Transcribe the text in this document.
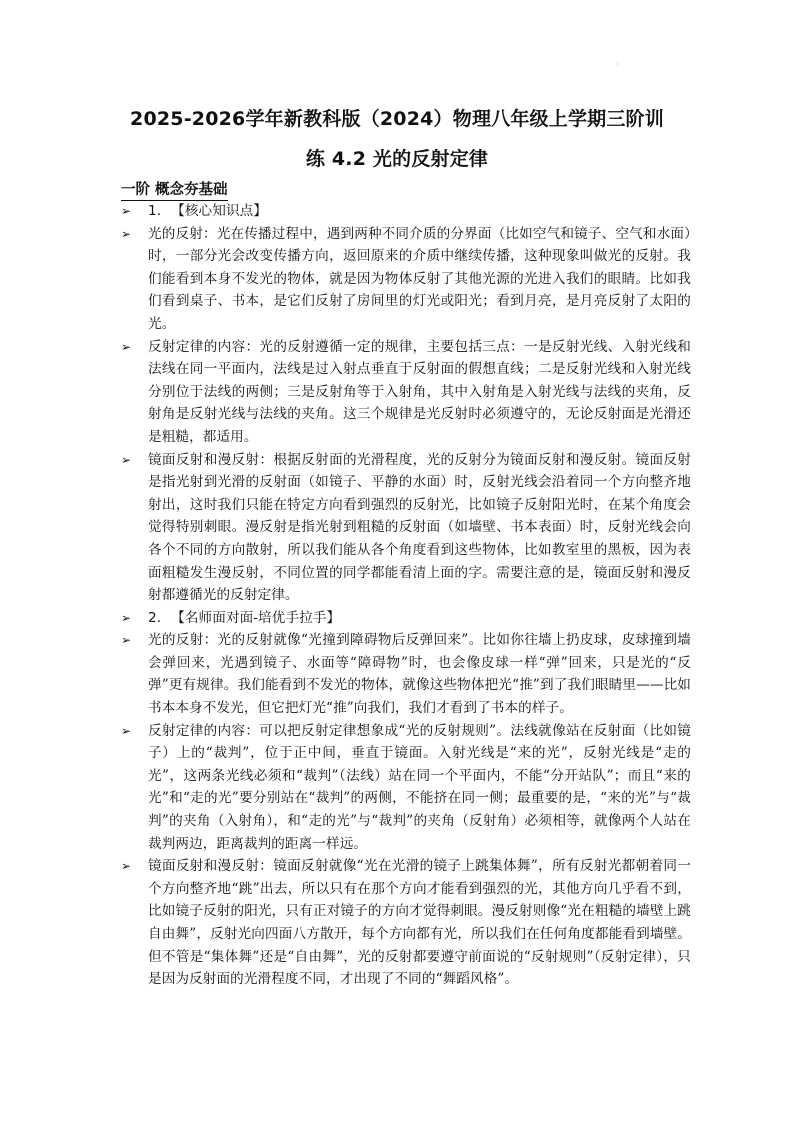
·
2025-2026学年新教科版（2024）物理八年级上学期三阶训
练 4.2 光的反射定律
一阶 概念夯基础
➢ 1. 【核心知识点】
➢ 光的反射：光在传播过程中，遇到两种不同介质的分界面（比如空气和镜子、空气和水面）时，一部分光会改变传播方向，返回原来的介质中继续传播，这种现象叫做光的反射。我们能看到本身不发光的物体，就是因为物体反射了其他光源的光进入我们的眼睛。比如我们看到桌子、书本，是它们反射了房间里的灯光或阳光；看到月亮，是月亮反射了太阳的光。
➢ 反射定律的内容：光的反射遵循一定的规律，主要包括三点：一是反射光线、入射光线和法线在同一平面内，法线是过入射点垂直于反射面的假想直线；二是反射光线和入射光线分别位于法线的两侧；三是反射角等于入射角，其中入射角是入射光线与法线的夹角，反射角是反射光线与法线的夹角。这三个规律是光反射时必须遵守的，无论反射面是光滑还是粗糙，都适用。
➢ 镜面反射和漫反射：根据反射面的光滑程度，光的反射分为镜面反射和漫反射。镜面反射是指光射到光滑的反射面（如镜子、平静的水面）时，反射光线会沿着同一个方向整齐地射出，这时我们只能在特定方向看到强烈的反射光，比如镜子反射阳光时，在某个角度会觉得特别刺眼。漫反射是指光射到粗糙的反射面（如墙壁、书本表面）时，反射光线会向各个不同的方向散射，所以我们能从各个角度看到这些物体，比如教室里的黑板，因为表面粗糙发生漫反射，不同位置的同学都能看清上面的字。需要注意的是，镜面反射和漫反射都遵循光的反射定律。
➢ 2. 【名师面对面-培优手拉手】
➢ 光的反射：光的反射就像“光撞到障碍物后反弹回来”。比如你往墙上扔皮球，皮球撞到墙会弹回来，光遇到镜子、水面等“障碍物”时，也会像皮球一样“弹”回来，只是光的“反弹”更有规律。我们能看到不发光的物体，就像这些物体把光“推”到了我们眼睛里——比如书本本身不发光，但它把灯光“推”向我们，我们才看到了书本的样子。
➢ 反射定律的内容：可以把反射定律想象成“光的反射规则”。法线就像站在反射面（比如镜子）上的“裁判”，位于正中间，垂直于镜面。入射光线是“来的光”，反射光线是“走的光”，这两条光线必须和“裁判”（法线）站在同一个平面内，不能“分开站队”；而且“来的光”和“走的光”要分别站在“裁判”的两侧，不能挤在同一侧；最重要的是，“来的光”与“裁判”的夹角（入射角），和“走的光”与“裁判”的夹角（反射角）必须相等，就像两个人站在裁判两边，距离裁判的距离一样远。
➢ 镜面反射和漫反射：镜面反射就像“光在光滑的镜子上跳集体舞”，所有反射光都朝着同一个方向整齐地“跳”出去，所以只有在那个方向才能看到强烈的光，其他方向几乎看不到，比如镜子反射的阳光，只有正对镜子的方向才觉得刺眼。漫反射则像“光在粗糙的墙壁上跳自由舞”，反射光向四面八方散开，每个方向都有光，所以我们在任何角度都能看到墙壁。但不管是“集体舞”还是“自由舞”，光的反射都要遵守前面说的“反射规则”（反射定律），只是因为反射面的光滑程度不同，才出现了不同的“舞蹈风格”。
